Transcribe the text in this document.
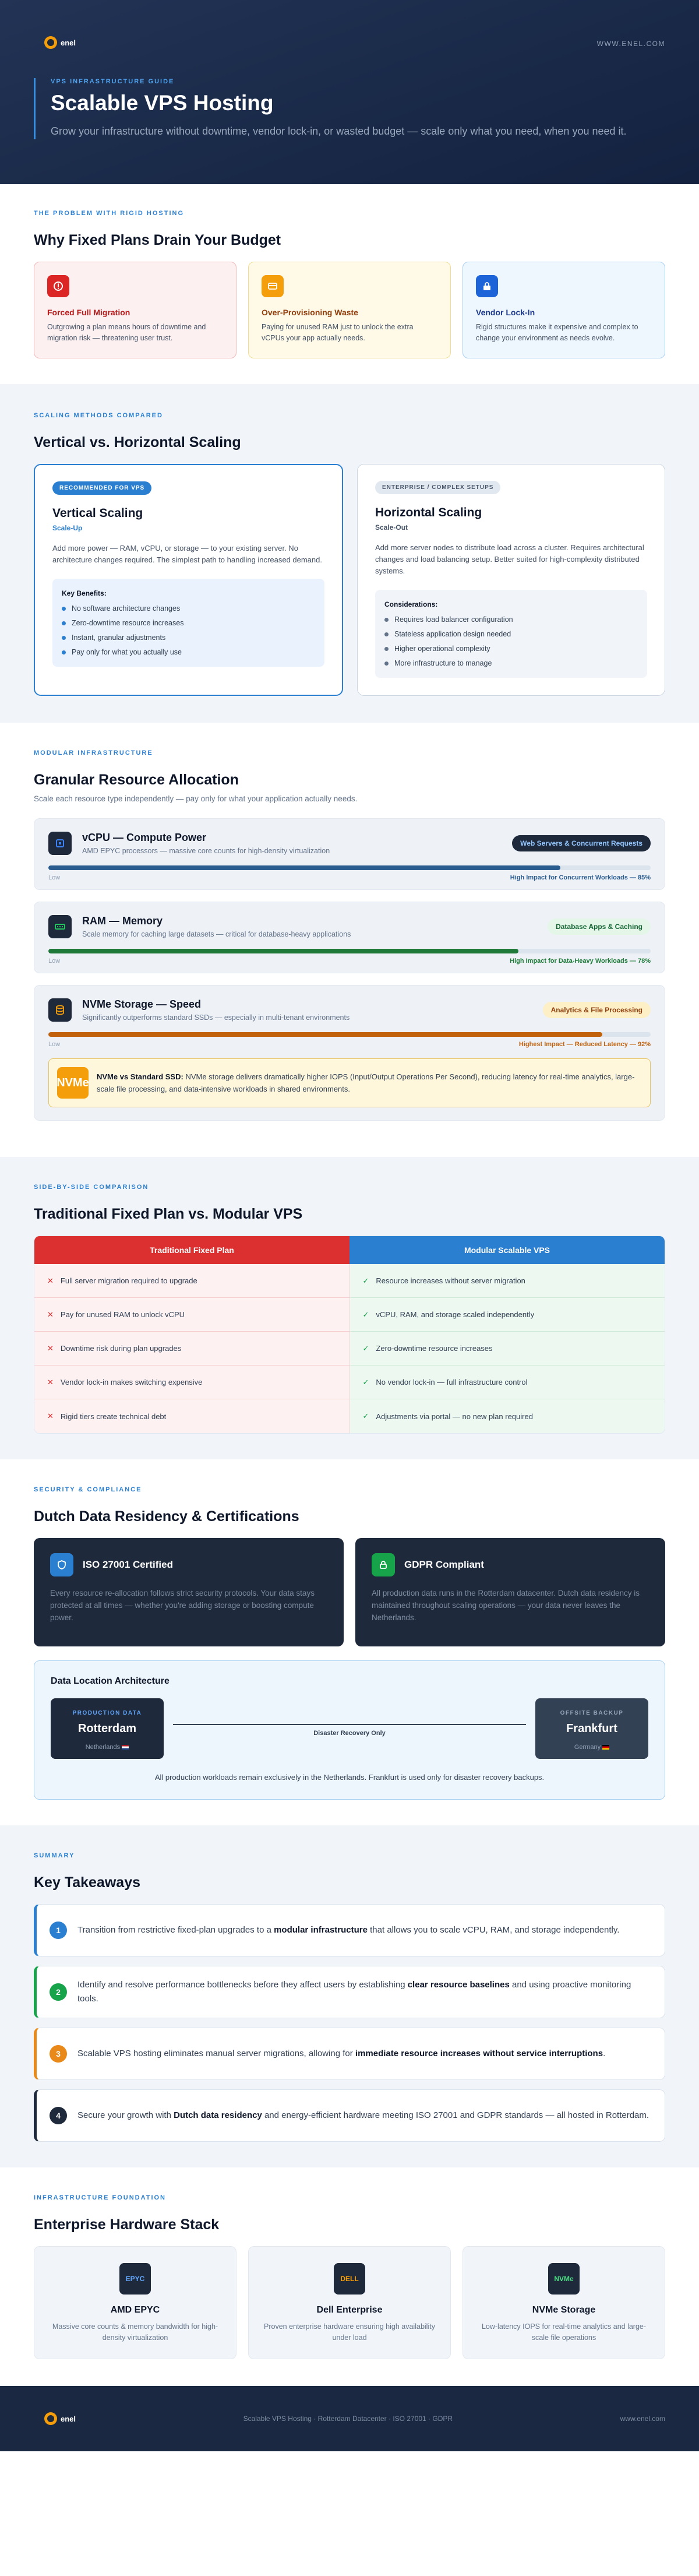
enel	WWW.ENEL.COM
VPS INFRASTRUCTURE GUIDE
Scalable VPS Hosting

Grow your infrastructure without downtime, vendor lock-in, or wasted budget — scale only what you need, when you need it.

THE PROBLEM WITH RIGID HOSTING
Why Fixed Plans Drain Your Budget
Forced Full Migration

Outgrowing a plan means hours of downtime and migration risk — threatening user trust.

Over-Provisioning Waste

Paying for unused RAM just to unlock the extra vCPUs your app actually needs.

Vendor Lock-In

Rigid structures make it expensive and complex to change your environment as needs evolve.

SCALING METHODS COMPARED
Vertical vs. Horizontal Scaling
RECOMMENDED FOR VPS
Vertical Scaling
Scale-Up

Add more power — RAM, vCPU, or storage — to your existing server. No architecture changes required. The simplest path to handling increased demand.

Key Benefits:
No software architecture changes
Zero-downtime resource increases
Instant, granular adjustments
Pay only for what you actually use
ENTERPRISE / COMPLEX SETUPS
Horizontal Scaling
Scale-Out

Add more server nodes to distribute load across a cluster. Requires architectural changes and load balancing setup. Better suited for high-complexity distributed systems.

Considerations:
Requires load balancer configuration
Stateless application design needed
Higher operational complexity
More infrastructure to manage
MODULAR INFRASTRUCTURE
Granular Resource Allocation
Scale each resource type independently — pay only for what your application actually needs.
vCPU — Compute Power
AMD EPYC processors — massive core counts for high-density virtualization
Web Servers & Concurrent Requests
Low	High Impact for Concurrent Workloads — 85%
RAM — Memory
Scale memory for caching large datasets — critical for database-heavy applications
Database Apps & Caching
Low	High Impact for Data-Heavy Workloads — 78%
NVMe Storage — Speed
Significantly outperforms standard SSDs — especially in multi-tenant environments
Analytics & File Processing
Low	Highest Impact — Reduced Latency — 92%
NVMe NVMe vs Standard SSD: NVMe storage delivers dramatically higher IOPS (Input/Output Operations Per Second), reducing latency for real-time analytics, large-scale file processing, and data-intensive workloads in shared environments.

SIDE-BY-SIDE COMPARISON
Traditional Fixed Plan vs. Modular VPS
Traditional Fixed Plan	Modular Scalable VPS
✕ Full server migration required to upgrade	✓ Resource increases without server migration
✕ Pay for unused RAM to unlock vCPU	✓ vCPU, RAM, and storage scaled independently
✕ Downtime risk during plan upgrades	✓ Zero-downtime resource increases
✕ Vendor lock-in makes switching expensive	✓ No vendor lock-in — full infrastructure control
✕ Rigid tiers create technical debt	✓ Adjustments via portal — no new plan required
SECURITY & COMPLIANCE
Dutch Data Residency & Certifications
ISO 27001 Certified

Every resource re-allocation follows strict security protocols. Your data stays protected at all times — whether you're adding storage or boosting compute power.

GDPR Compliant

All production data runs in the Rotterdam datacenter. Dutch data residency is maintained throughout scaling operations — your data never leaves the Netherlands.

Data Location Architecture
PRODUCTION DATA
Rotterdam
Netherlands
Disaster Recovery Only
OFFSITE BACKUP
Frankfurt
Germany
All production workloads remain exclusively in the Netherlands. Frankfurt is used only for disaster recovery backups.
SUMMARY
Key Takeaways
1	Transition from restrictive fixed-plan upgrades to a modular infrastructure that allows you to scale vCPU, RAM, and storage independently.

2

Identify and resolve performance bottlenecks before they affect users by establishing clear resource baselines and using proactive monitoring tools.

3	Scalable VPS hosting eliminates manual server migrations, allowing for immediate resource increases without service interruptions.

4	Secure your growth with Dutch data residency and energy-efficient hardware meeting ISO 27001 and GDPR standards — all hosted in Rotterdam.

INFRASTRUCTURE FOUNDATION
Enterprise Hardware Stack
EPYC
AMD EPYC

Massive core counts & memory bandwidth for high-density virtualization

DELL
Dell Enterprise

Proven enterprise hardware ensuring high availability under load

NVMe
NVMe Storage

Low-latency IOPS for real-time analytics and large-scale file operations

enel	Scalable VPS Hosting · Rotterdam Datacenter · ISO 27001 · GDPR	www.enel.com
